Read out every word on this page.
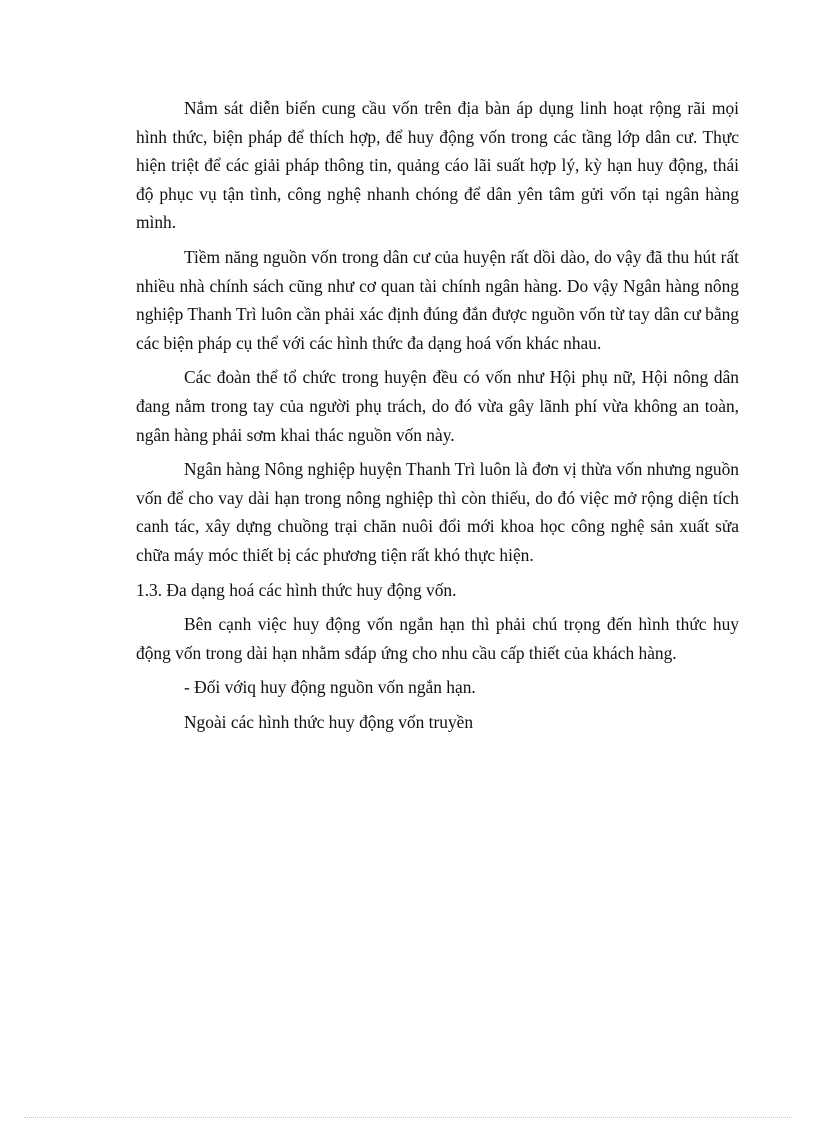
Nắm sát diễn biến cung cầu vốn trên địa bàn áp dụng linh hoạt rộng rãi mọi hình thức, biện pháp để thích hợp, để huy động vốn trong các tầng lớp dân cư. Thực hiện triệt để các giải pháp thông tin, quảng cáo lãi suất hợp lý, kỳ hạn huy động, thái độ phục vụ tận tình, công nghệ nhanh chóng để dân yên tâm gửi vốn tại ngân hàng mình.

Tiềm năng nguồn vốn trong dân cư của huyện rất dồi dào, do vậy đã thu hút rất nhiều nhà chính sách cũng như cơ quan tài chính ngân hàng. Do vậy Ngân hàng nông nghiệp Thanh Trì luôn cần phải xác định đúng đắn được nguồn vốn từ tay dân cư bằng các biện pháp cụ thể với các hình thức đa dạng hoá vốn khác nhau.

Các đoàn thể tổ chức trong huyện đều có vốn như Hội phụ nữ, Hội nông dân đang nằm trong tay của người phụ trách, do đó vừa gây lãnh phí vừa không an toàn, ngân hàng phải sơm khai thác nguồn vốn này.

Ngân hàng Nông nghiệp huyện Thanh Trì luôn là đơn vị thừa vốn nhưng nguồn vốn để cho vay dài hạn trong nông nghiệp thì còn thiếu, do đó việc mở rộng diện tích canh tác, xây dựng chuồng trại chăn nuôi đổi mới khoa học công nghệ sản xuất sửa chữa máy móc thiết bị các phương tiện rất khó thực hiện.

1.3. Đa dạng hoá các hình thức huy động vốn.

Bên cạnh việc huy động vốn ngắn hạn thì phải chú trọng đến hình thức huy động vốn trong dài hạn nhằm sđáp ứng cho nhu cầu cấp thiết của khách hàng.

- Đối vớiq huy động nguồn vốn ngắn hạn.

Ngoài các hình thức huy động vốn truyền
